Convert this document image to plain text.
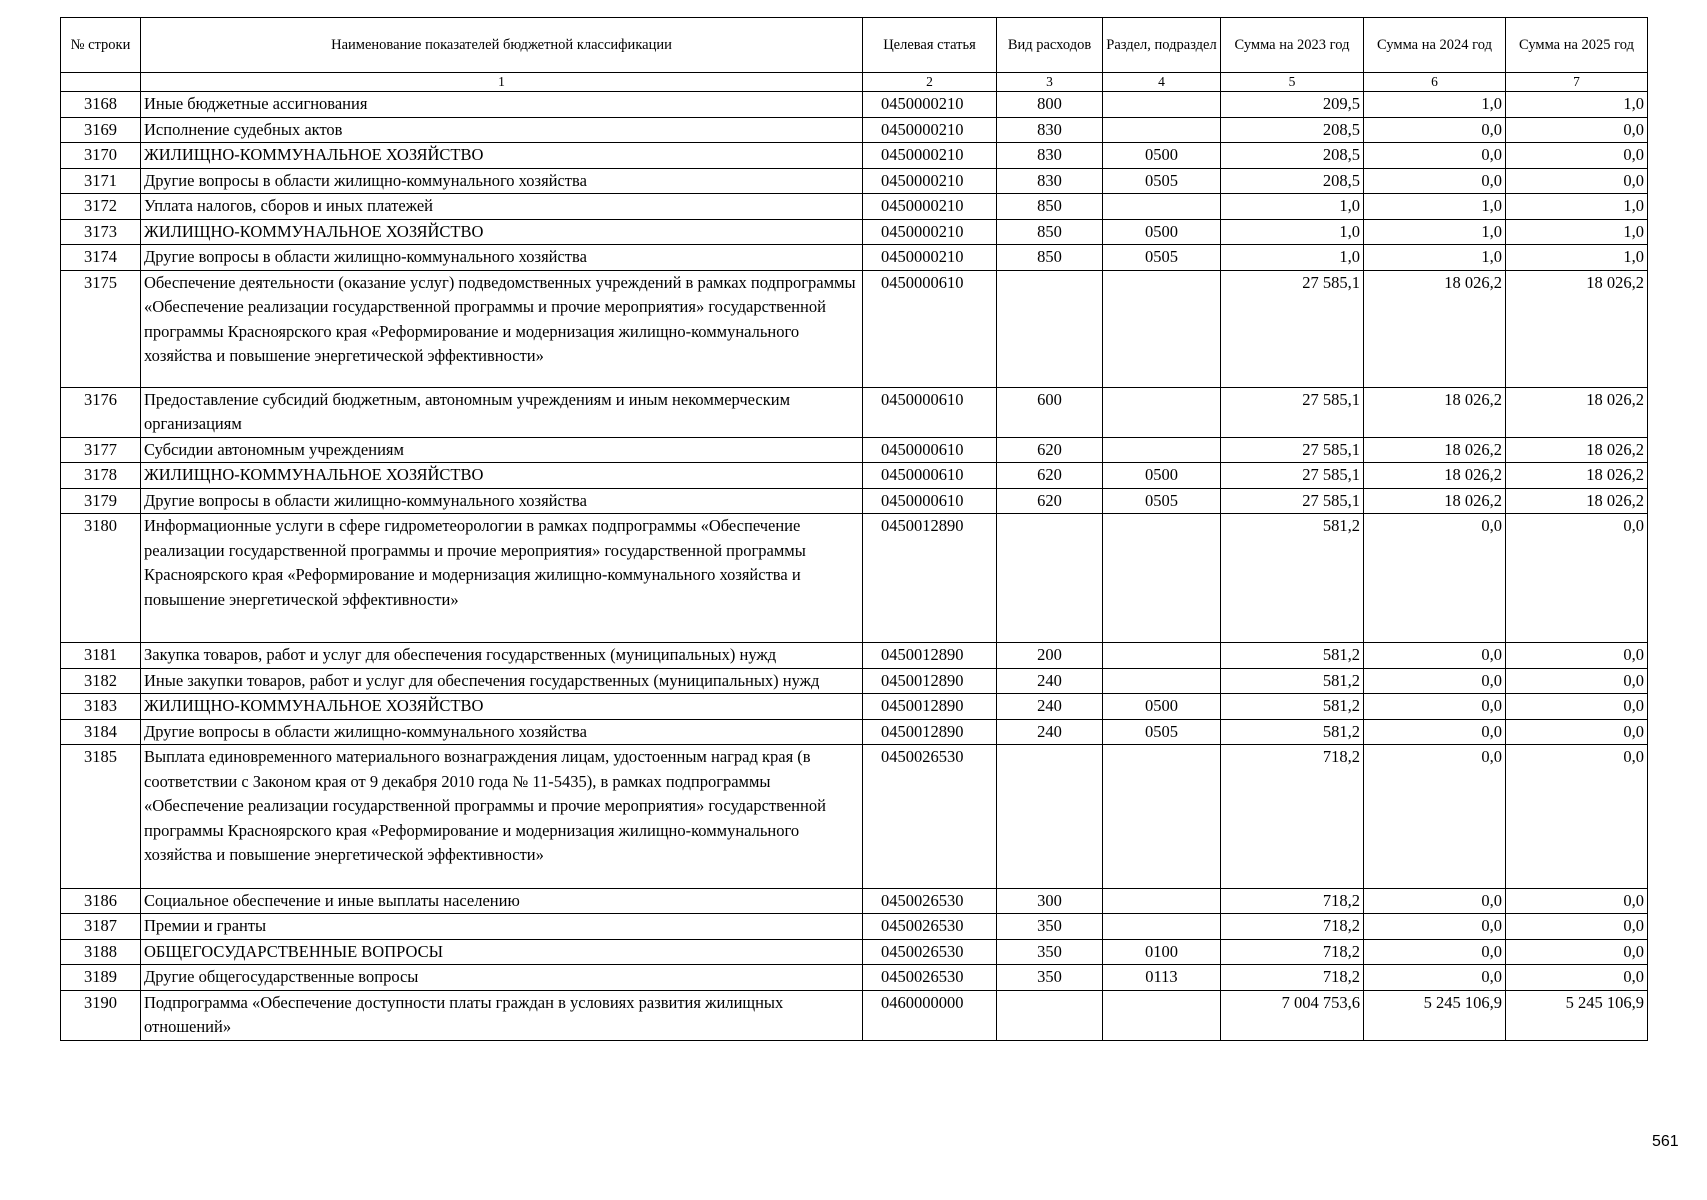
№ строки	Наименование показателей бюджетной классификации	Целевая статья	Вид расходов	Раздел, подраздел	Сумма на 2023 год	Сумма на 2024 год	Сумма на 2025 год
	1	2	3	4	5	6	7
3168	Иные бюджетные ассигнования	0450000210	800		209,5	1,0	1,0
3169	Исполнение судебных актов	0450000210	830		208,5	0,0	0,0
3170	ЖИЛИЩНО-КОММУНАЛЬНОЕ ХОЗЯЙСТВО	0450000210	830	0500	208,5	0,0	0,0
3171	Другие вопросы в области жилищно-коммунального хозяйства	0450000210	830	0505	208,5	0,0	0,0
3172	Уплата налогов, сборов и иных платежей	0450000210	850		1,0	1,0	1,0
3173	ЖИЛИЩНО-КОММУНАЛЬНОЕ ХОЗЯЙСТВО	0450000210	850	0500	1,0	1,0	1,0
3174	Другие вопросы в области жилищно-коммунального хозяйства	0450000210	850	0505	1,0	1,0	1,0
3175	Обеспечение деятельности (оказание услуг) подведомственных учреждений в рамках подпрограммы «Обеспечение реализации государственной программы и прочие мероприятия» государственной программы Красноярского края «Реформирование и модернизация жилищно-коммунального хозяйства и повышение энергетической эффективности»	0450000610			27 585,1	18 026,2	18 026,2
3176	Предоставление субсидий бюджетным, автономным учреждениям и иным некоммерческим организациям	0450000610	600		27 585,1	18 026,2	18 026,2
3177	Субсидии автономным учреждениям	0450000610	620		27 585,1	18 026,2	18 026,2
3178	ЖИЛИЩНО-КОММУНАЛЬНОЕ ХОЗЯЙСТВО	0450000610	620	0500	27 585,1	18 026,2	18 026,2
3179	Другие вопросы в области жилищно-коммунального хозяйства	0450000610	620	0505	27 585,1	18 026,2	18 026,2
3180	Информационные услуги в сфере гидрометеорологии в рамках подпрограммы «Обеспечение реализации государственной программы и прочие мероприятия» государственной программы Красноярского края «Реформирование и модернизация жилищно-коммунального хозяйства и повышение энергетической эффективности»	0450012890			581,2	0,0	0,0
3181	Закупка товаров, работ и услуг для обеспечения государственных (муниципальных) нужд	0450012890	200		581,2	0,0	0,0
3182	Иные закупки товаров, работ и услуг для обеспечения государственных (муниципальных) нужд	0450012890	240		581,2	0,0	0,0
3183	ЖИЛИЩНО-КОММУНАЛЬНОЕ ХОЗЯЙСТВО	0450012890	240	0500	581,2	0,0	0,0
3184	Другие вопросы в области жилищно-коммунального хозяйства	0450012890	240	0505	581,2	0,0	0,0
3185	Выплата единовременного материального вознаграждения лицам, удостоенным наград края (в соответствии с Законом края от 9 декабря 2010 года № 11-5435), в рамках подпрограммы «Обеспечение реализации государственной программы и прочие мероприятия» государственной программы Красноярского края «Реформирование и модернизация жилищно-коммунального хозяйства и повышение энергетической эффективности»	0450026530			718,2	0,0	0,0
3186	Социальное обеспечение и иные выплаты населению	0450026530	300		718,2	0,0	0,0
3187	Премии и гранты	0450026530	350		718,2	0,0	0,0
3188	ОБЩЕГОСУДАРСТВЕННЫЕ ВОПРОСЫ	0450026530	350	0100	718,2	0,0	0,0
3189	Другие общегосударственные вопросы	0450026530	350	0113	718,2	0,0	0,0
3190	Подпрограмма «Обеспечение доступности платы граждан в условиях развития жилищных отношений»	0460000000			7 004 753,6	5 245 106,9	5 245 106,9
561
